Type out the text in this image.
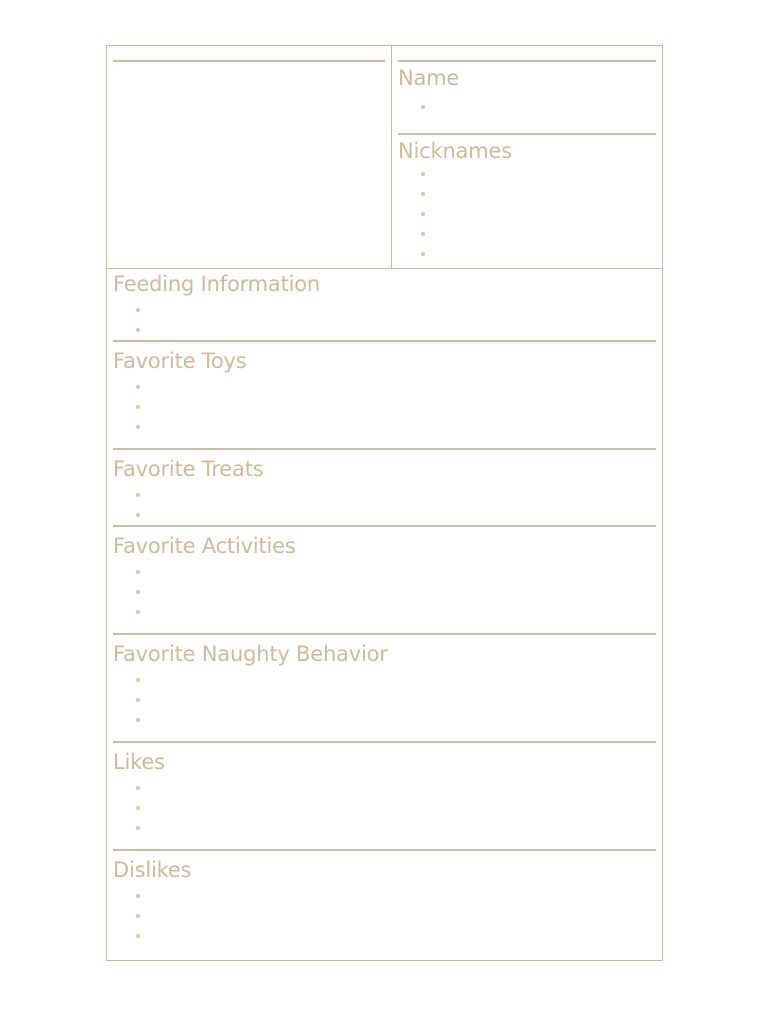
Name
Nicknames
Feeding Information
Favorite Toys
Favorite Treats
Favorite Activities
Favorite Naughty Behavior
Likes
Dislikes
